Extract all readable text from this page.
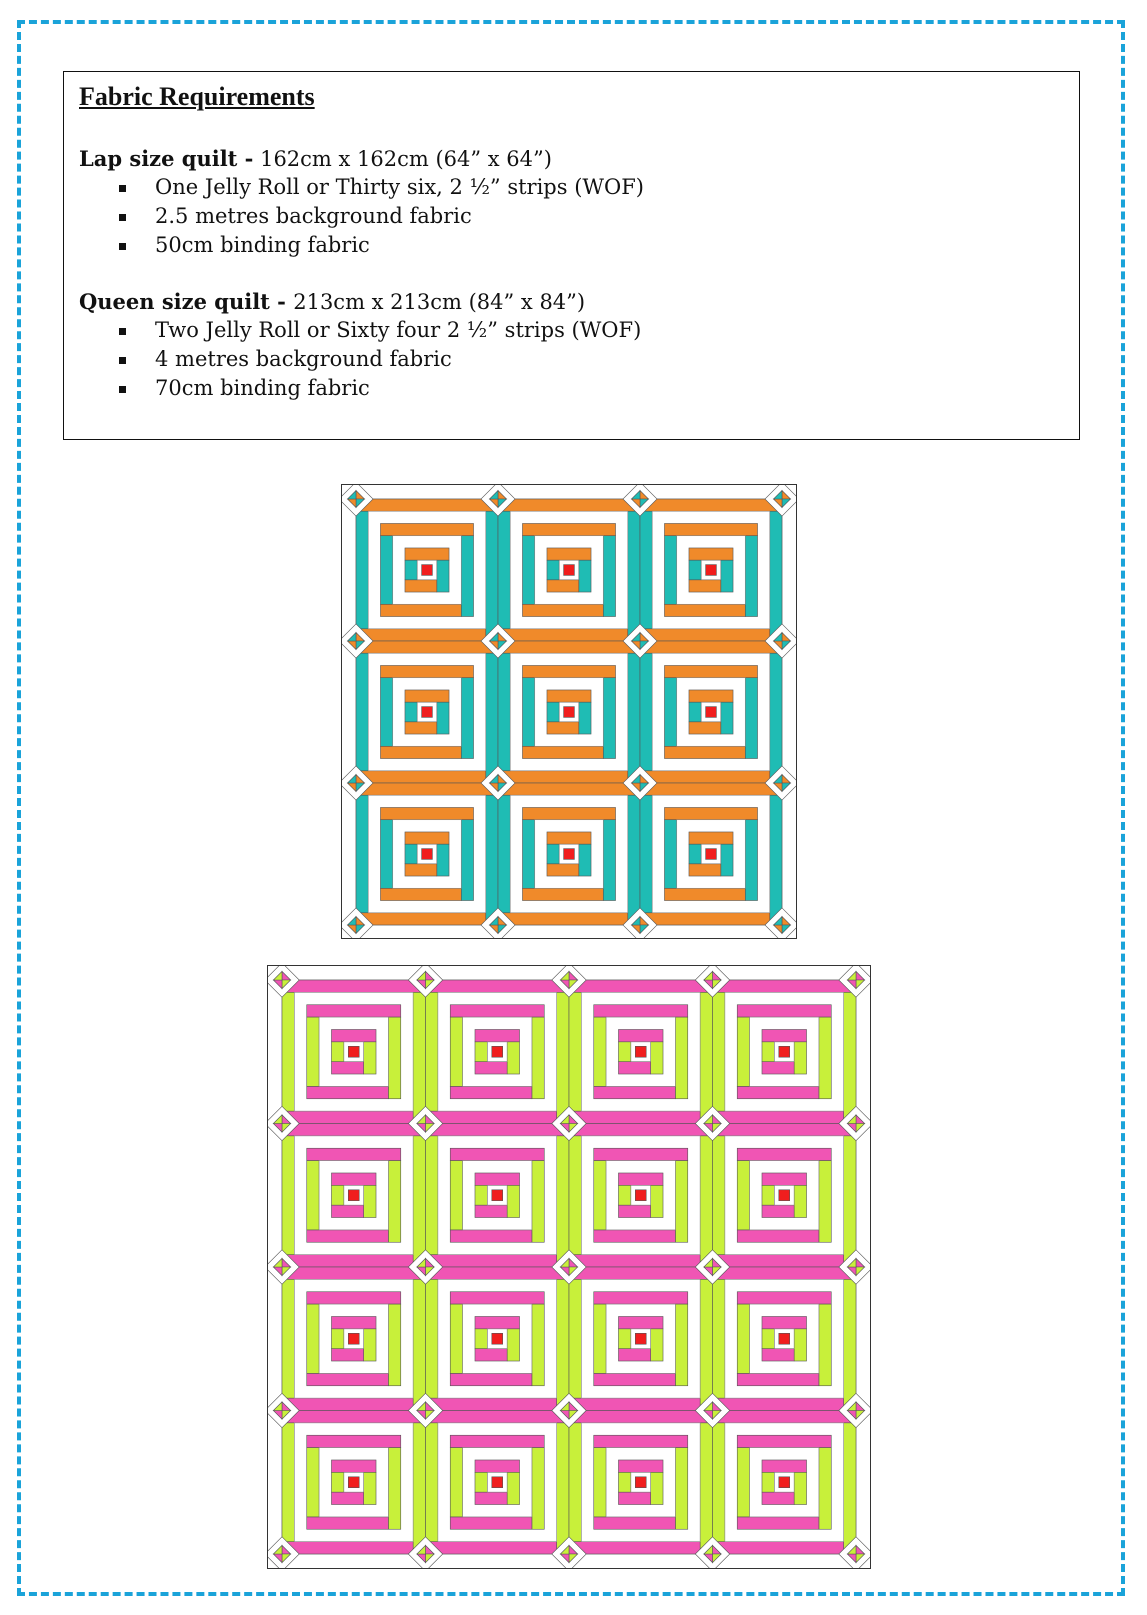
Fabric Requirements
Lap size quilt - 162cm x 162cm (64” x 64”)
One Jelly Roll or Thirty six, 2 ½” strips (WOF)
2.5 metres background fabric
50cm binding fabric
Queen size quilt - 213cm x 213cm (84” x 84”)
Two Jelly Roll or Sixty four 2 ½” strips (WOF)
4 metres background fabric
70cm binding fabric
